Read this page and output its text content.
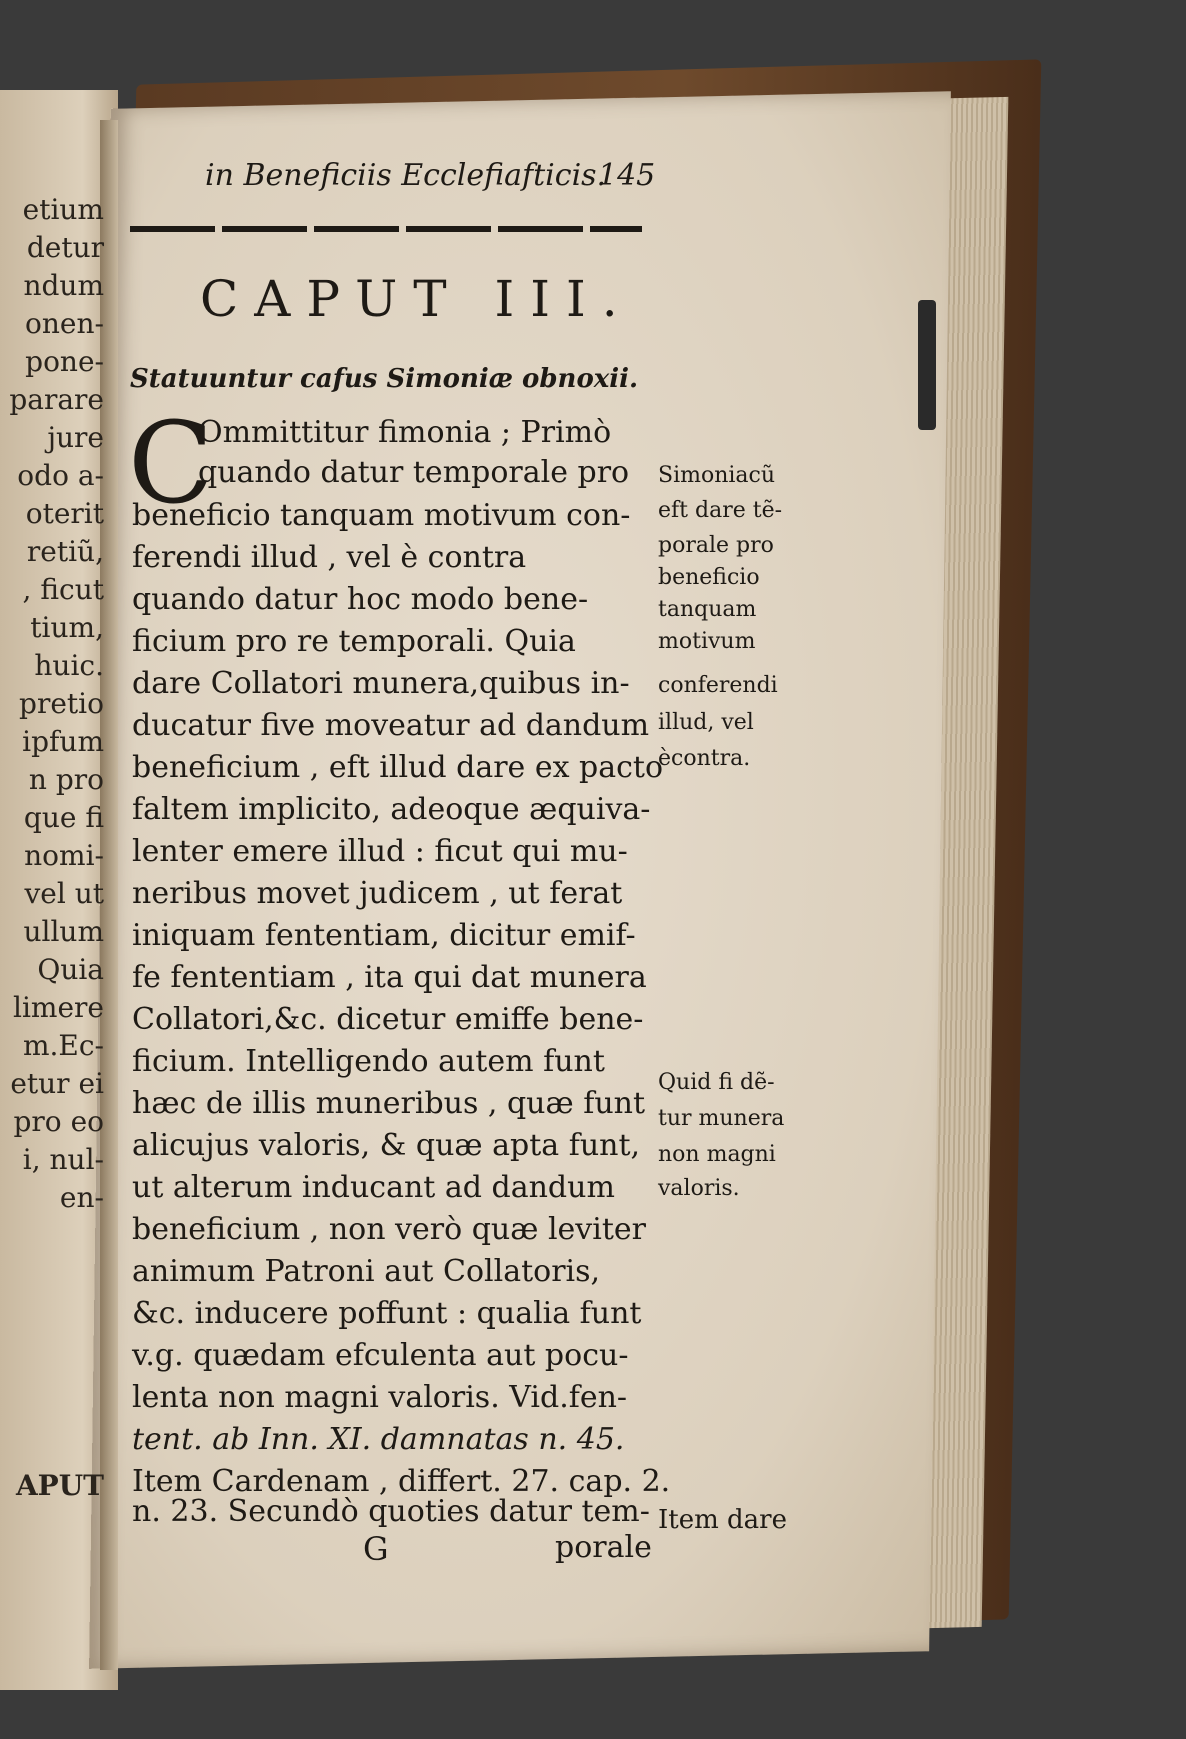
etium
detur
ndum
onen-
pone-
parare
jure
odo a-
oterit
retiũ,
, ficut
tium,
huic.
pretio
ipfum
n pro
que fi
nomi-
vel ut
ullum
Quia
limere
m.Ec-
etur ei
pro eo
i, nul-
en-
APUT
in Beneficiis Ecclefiafticis.
145
CAPUT III.
Statuuntur cafus Simoniæ obnoxii.
C
Ommittitur fimonia ; Primò
quando datur temporale pro
beneficio tanquam motivum con-
ferendi illud , vel è contra
quando datur hoc modo bene-
ficium pro re temporali. Quia
dare Collatori munera,quibus in-
ducatur five moveatur ad dandum
beneficium , eft illud dare ex pacto
faltem implicito, adeoque æquiva-
lenter emere illud : ficut qui mu-
neribus movet judicem , ut ferat
iniquam fententiam, dicitur emif-
fe fententiam , ita qui dat munera
Collatori,&c. dicetur emiffe bene-
ficium. Intelligendo autem funt
hæc de illis muneribus , quæ funt
alicujus valoris, & quæ apta funt,
ut alterum inducant ad dandum
beneficium , non verò quæ leviter
animum Patroni aut Collatoris,
&c. inducere poffunt : qualia funt
v.g. quædam efculenta aut pocu-
lenta non magni valoris. Vid.fen-
tent. ab Inn. XI. damnatas n. 45.
Item Cardenam , differt. 27. cap. 2.
n. 23. Secundò quoties datur tem-
G	porale
Simoniacũ
eft dare tẽ-
porale pro
beneficio
tanquam
motivum
conferendi
illud, vel
ècontra.
Quid fi dẽ-
tur munera
non magni
valoris.
Item dare
